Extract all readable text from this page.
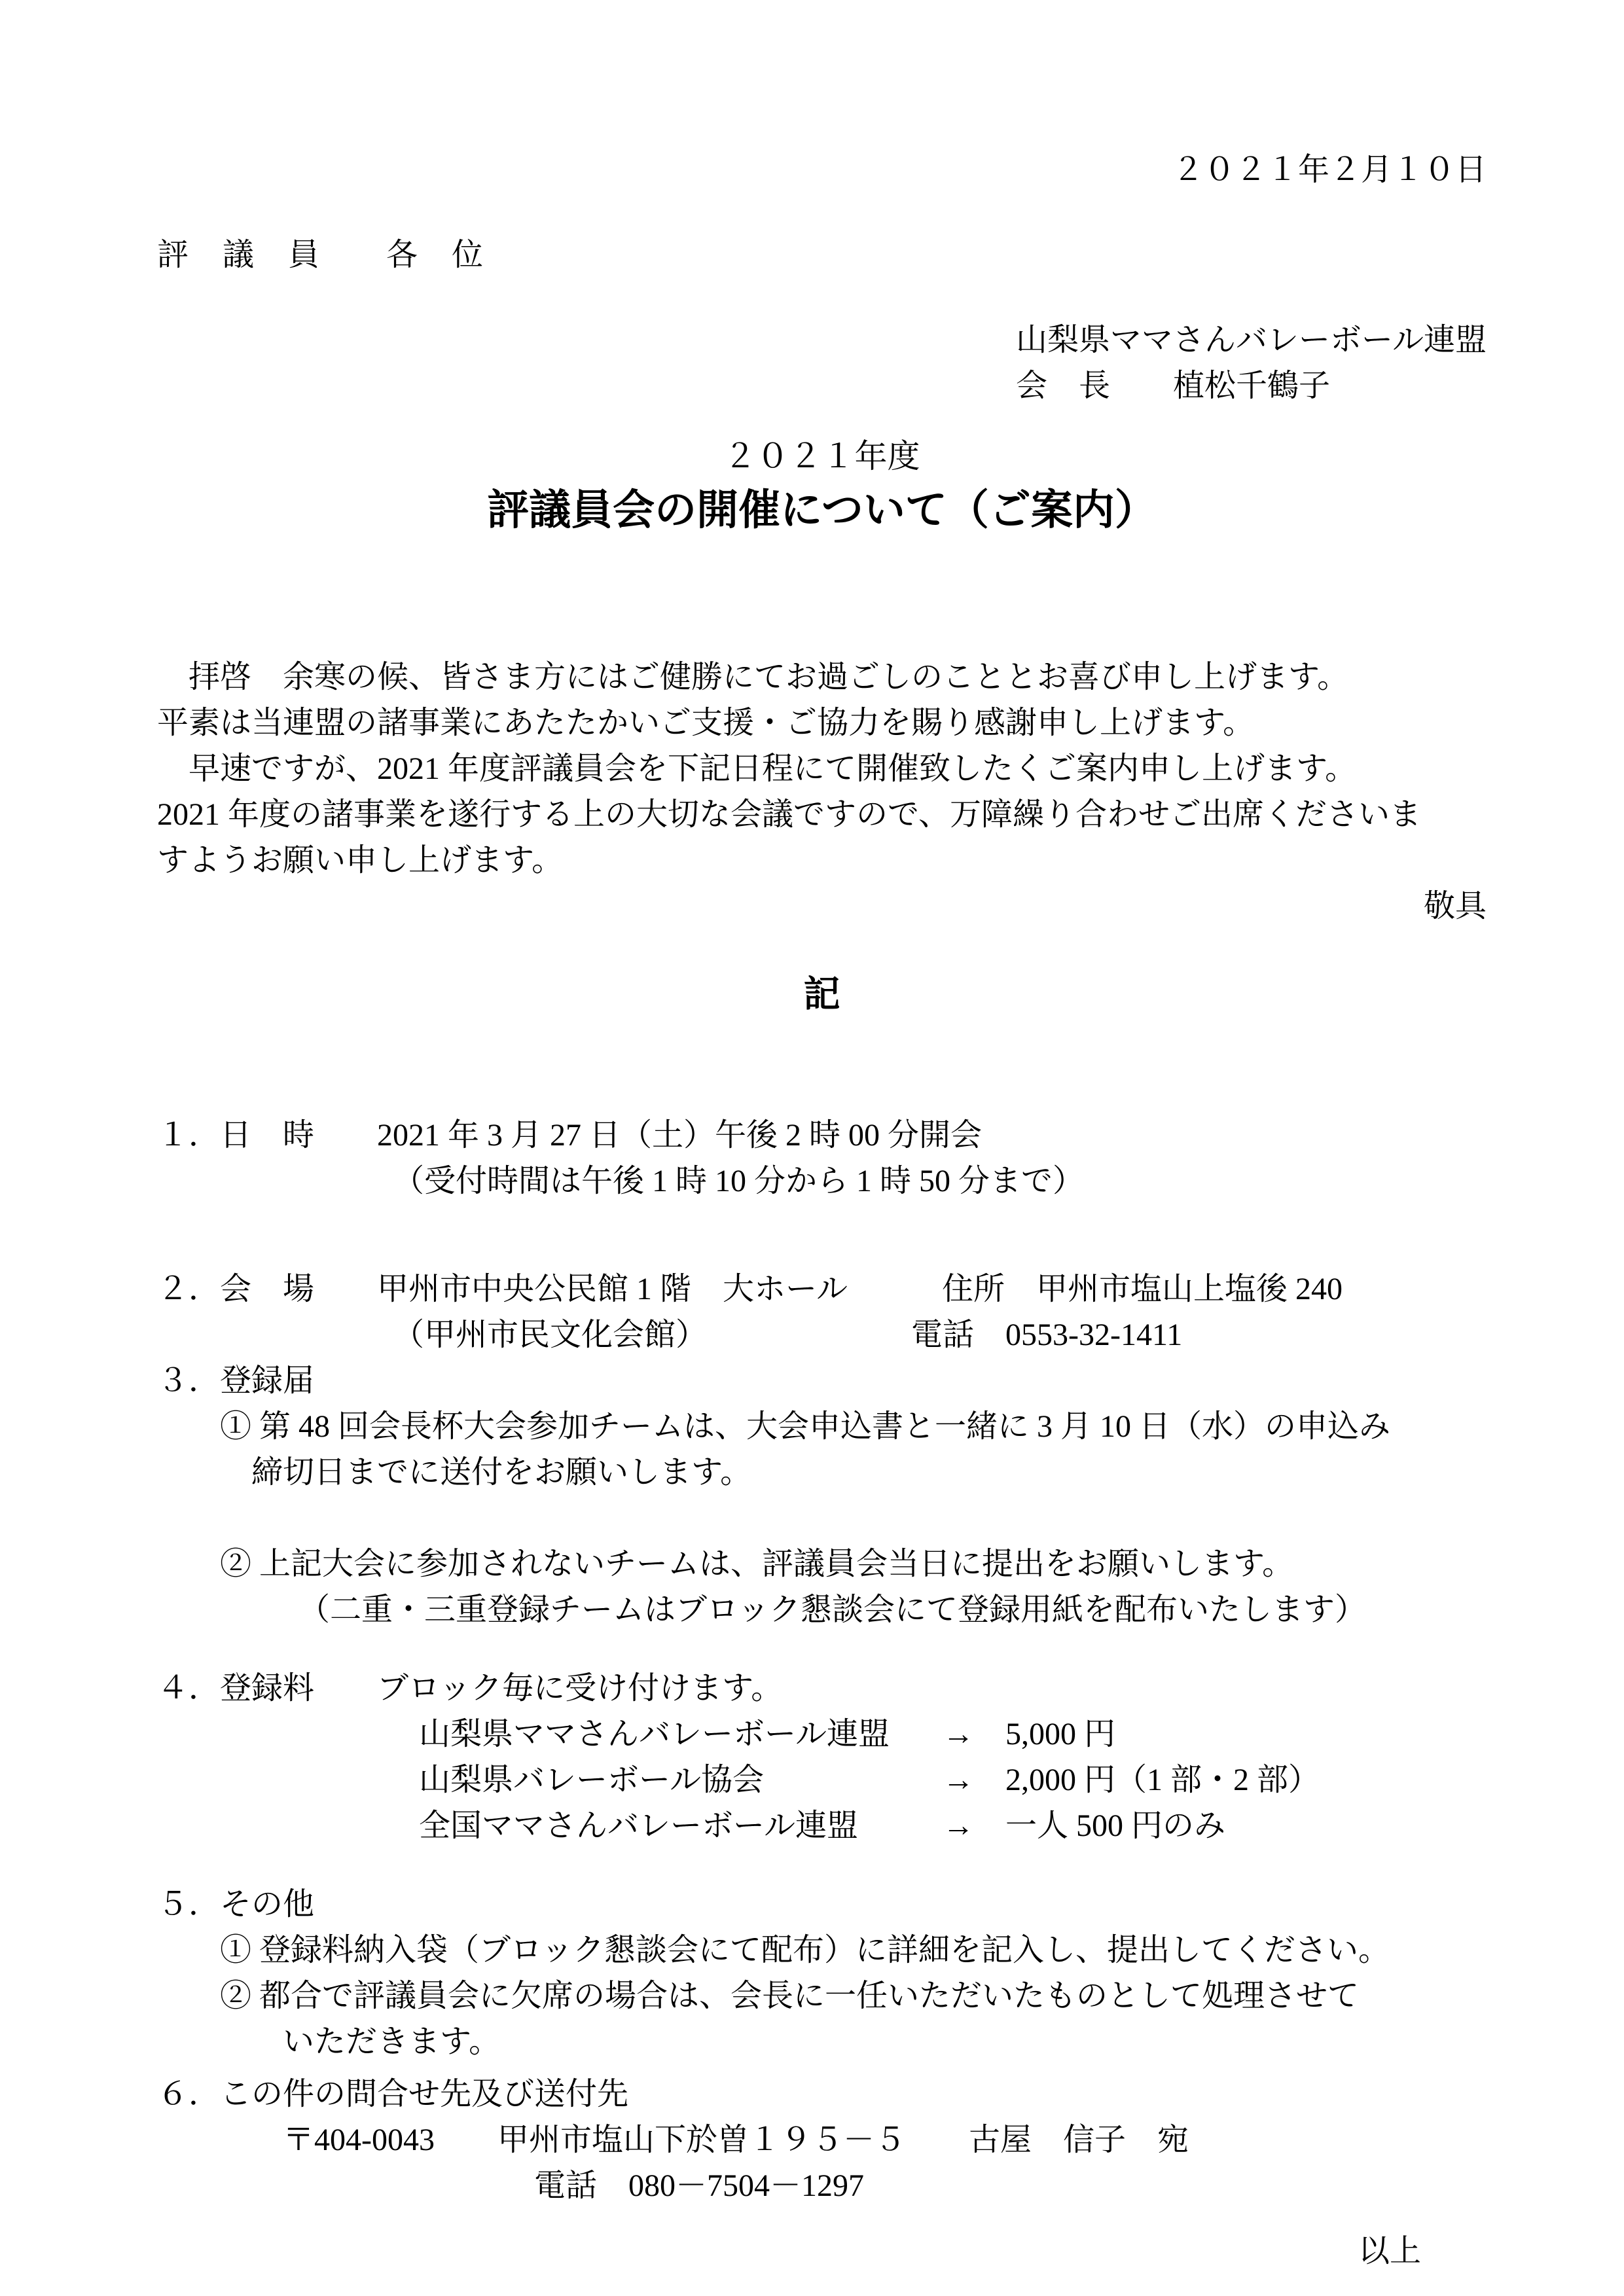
２０２１年２月１０日
評　議　員　　各　位
山梨県ママさんバレーボール連盟
会　長　　植松千鶴子
２０２１年度
評議員会の開催について（ご案内）
　拝啓　余寒の候、皆さま方にはご健勝にてお過ごしのこととお喜び申し上げます。
平素は当連盟の諸事業にあたたかいご支援・ご協力を賜り感謝申し上げます。
　早速ですが、2021 年度評議員会を下記日程にて開催致したくご案内申し上げます。
2021 年度の諸事業を遂行する上の大切な会議ですので、万障繰り合わせご出席くださいま
すようお願い申し上げます。
敬具
記
１．日　時　　2021 年 3 月 27 日（土）午後 2 時 00 分開会
　　　　　　　　（受付時間は午後 1 時 10 分から 1 時 50 分まで）
２．会　場　　甲州市中央公民館 1 階　大ホール　　　住所　甲州市塩山上塩後 240
　　　　　　　　（甲州市民文化会館）　　　　　　　電話　0553-32-1411
３．登録届
　　① 第 48 回会長杯大会参加チームは、大会申込書と一緒に 3 月 10 日（水）の申込み
　　　締切日までに送付をお願いします。
　　② 上記大会に参加されないチームは、評議員会当日に提出をお願いします。
　　　　　（二重・三重登録チームはブロック懇談会にて登録用紙を配布いたします）
４．登録料　　ブロック毎に受け付けます。
山梨県ママさんバレーボール連盟	→	5,000 円
山梨県バレーボール協会	→	2,000 円（1 部・2 部）
全国ママさんバレーボール連盟	→	一人 500 円のみ
５．その他
　　① 登録料納入袋（ブロック懇談会にて配布）に詳細を記入し、提出してください。
　　② 都合で評議員会に欠席の場合は、会長に一任いただいたものとして処理させて
　　　　いただきます。
６．この件の問合せ先及び送付先
　　　　〒404-0043　　甲州市塩山下於曽１９５－５　　古屋　信子　宛
　　　　　　　　　　　　電話　080－7504－1297
以上
